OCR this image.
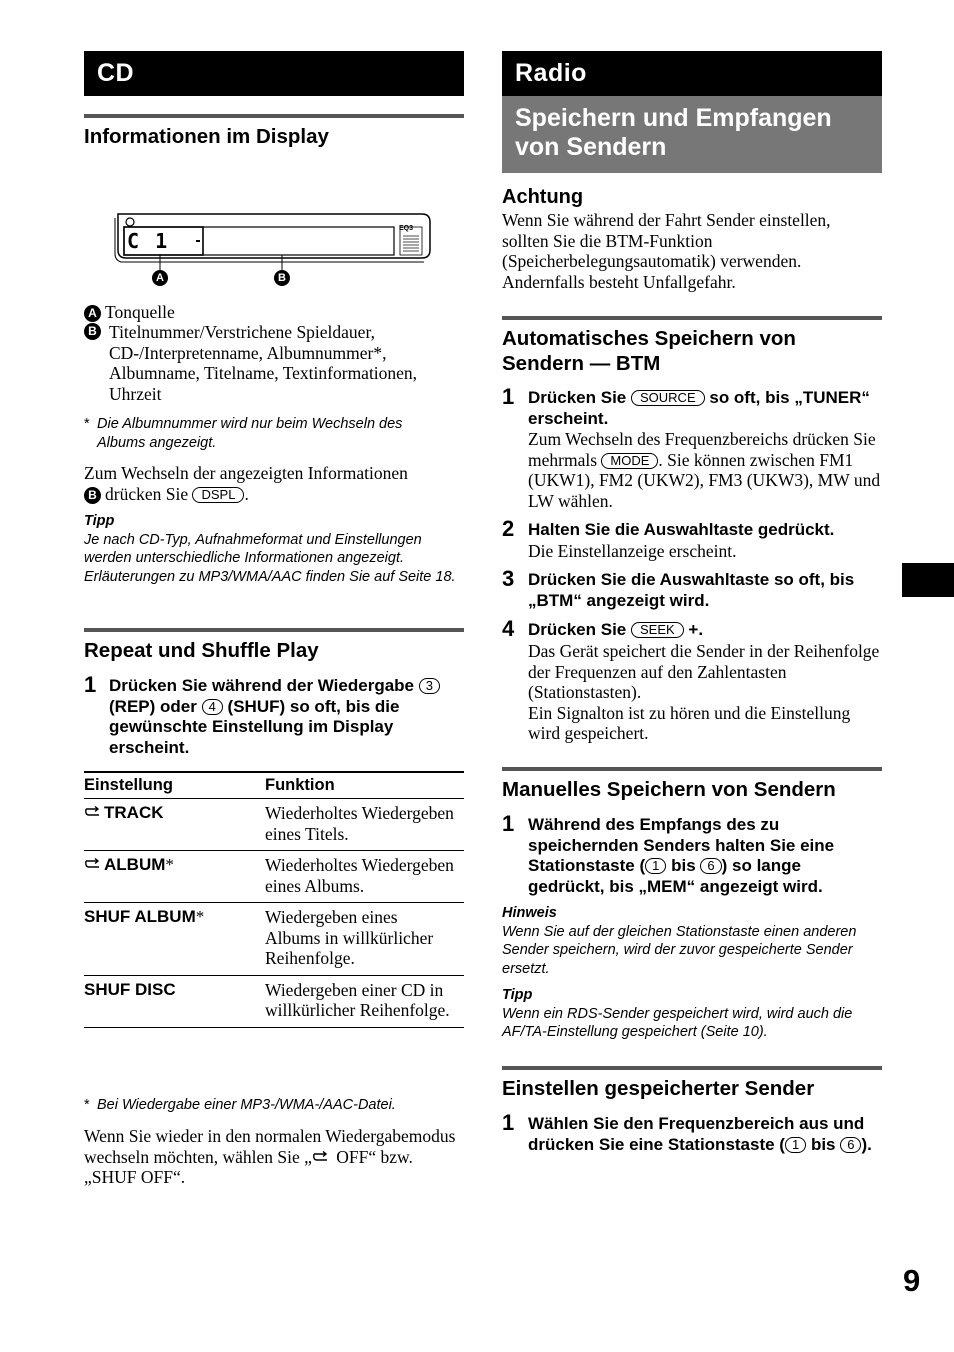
CD
Informationen im Display
C 1
EQ3
A	B
A Tonquelle
B Titelnummer/Verstrichene Spieldauer, CD-/Interpretenname, Albumnummer*, Albumname, Titelname, Textinformationen, Uhrzeit
* Die Albumnummer wird nur beim Wechseln des Albums angezeigt.
Zum Wechseln der angezeigten Informationen
B drücken Sie DSPL .
Tipp
Je nach CD-Typ, Aufnahmeformat und Einstellungen werden unterschiedliche Informationen angezeigt. Erläuterungen zu MP3/WMA/AAC finden Sie auf Seite 18.
Repeat und Shuffle Play
1 Drücken Sie während der Wiedergabe 3 (REP) oder 4 (SHUF) so oft, bis die gewünschte Einstellung im Display erscheint.
Einstellung	Funktion
TRACK	Wiederholtes Wiedergeben eines Titels.
ALBUM*	Wiederholtes Wiedergeben eines Albums.
SHUF ALBUM*	Wiedergeben eines Albums in willkürlicher Reihenfolge.
SHUF DISC	Wiedergeben einer CD in willkürlicher Reihenfolge.
* Bei Wiedergabe einer MP3-/WMA-/AAC-Datei.
Wenn Sie wieder in den normalen Wiedergabemodus wechseln möchten, wählen Sie „ OFF“ bzw. „SHUF OFF“.
Radio
Speichern und Empfangen von Sendern
Achtung
Wenn Sie während der Fahrt Sender einstellen, sollten Sie die BTM-Funktion (Speicherbelegungsautomatik) verwenden. Andernfalls besteht Unfallgefahr.
Automatisches Speichern von Sendern — BTM
1 Drücken Sie SOURCE so oft, bis „TUNER“ erscheint.
Zum Wechseln des Frequenzbereichs drücken Sie mehrmals MODE . Sie können zwischen FM1 (UKW1), FM2 (UKW2), FM3 (UKW3), MW und LW wählen.
2 Halten Sie die Auswahltaste gedrückt.
Die Einstellanzeige erscheint.
3 Drücken Sie die Auswahltaste so oft, bis „BTM“ angezeigt wird.
4 Drücken Sie SEEK +.
Das Gerät speichert die Sender in der Reihenfolge der Frequenzen auf den Zahlentasten (Stationstasten).
Ein Signalton ist zu hören und die Einstellung wird gespeichert.
Manuelles Speichern von Sendern
1 Während des Empfangs des zu speichernden Senders halten Sie eine Stationstaste ( 1 bis 6 ) so lange gedrückt, bis „MEM“ angezeigt wird.
Hinweis
Wenn Sie auf der gleichen Stationstaste einen anderen Sender speichern, wird der zuvor gespeicherte Sender ersetzt.
Tipp
Wenn ein RDS-Sender gespeichert wird, wird auch die AF/TA-Einstellung gespeichert (Seite 10).
Einstellen gespeicherter Sender
1 Wählen Sie den Frequenzbereich aus und drücken Sie eine Stationstaste ( 1 bis 6 ).
9
